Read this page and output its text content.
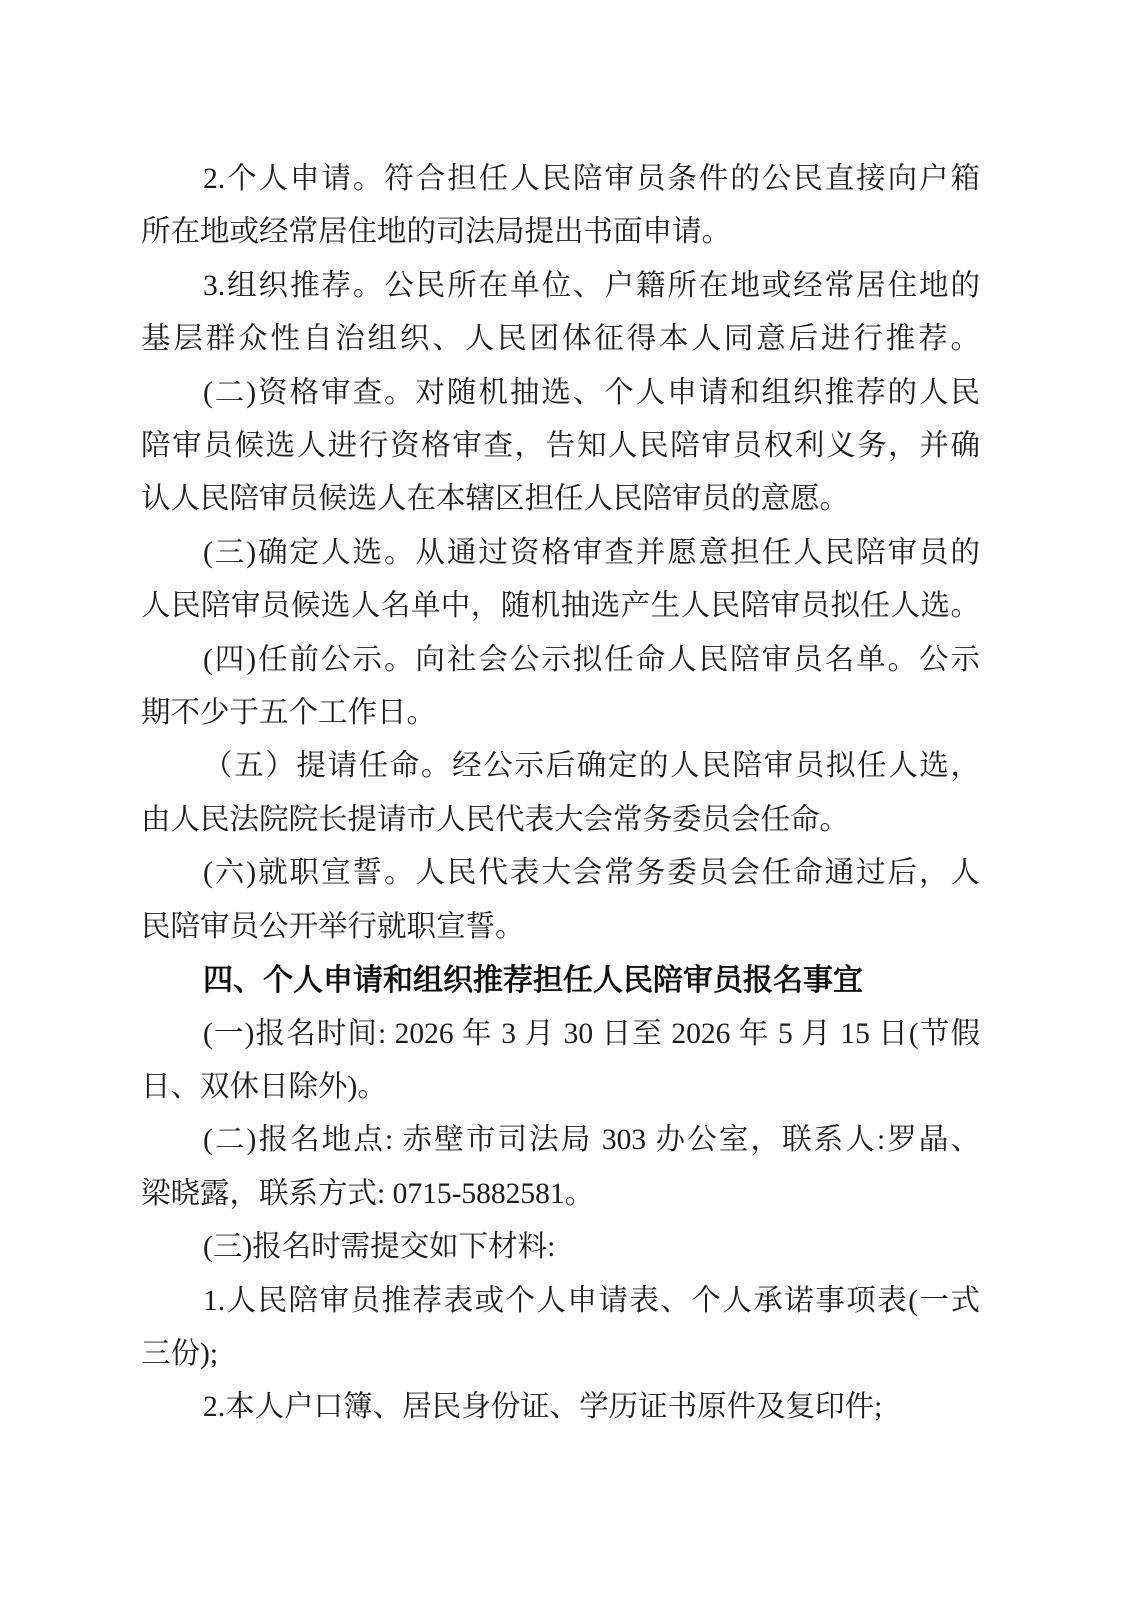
2.个人申请。符合担任人民陪审员条件的公民直接向户箱
所在地或经常居住地的司法局提出书面申请。
3.组织推荐。公民所在单位、户籍所在地或经常居住地的
基层群众性自治组织、人民团体征得本人同意后进行推荐。
(二)资格审查。对随机抽选、个人申请和组织推荐的人民
陪审员候选人进行资格审查，告知人民陪审员权利义务，并确
认人民陪审员候选人在本辖区担任人民陪审员的意愿。
(三)确定人选。从通过资格审查并愿意担任人民陪审员的
人民陪审员候选人名单中，随机抽选产生人民陪审员拟任人选。
(四)任前公示。向社会公示拟任命人民陪审员名单。公示
期不少于五个工作日。
（五）提请任命。经公示后确定的人民陪审员拟任人选，
由人民法院院长提请市人民代表大会常务委员会任命。
(六)就职宣誓。人民代表大会常务委员会任命通过后，人
民陪审员公开举行就职宣誓。
四、个人申请和组织推荐担任人民陪审员报名事宜
(一)报名时间: 2026 年 3 月 30 日至 2026 年 5 月 15 日(节假
日、双休日除外)。
(二)报名地点: 赤壁市司法局 303 办公室，联系人:罗晶、
梁晓露，联系方式: 0715-5882581。
(三)报名时需提交如下材料:
1.人民陪审员推荐表或个人申请表、个人承诺事项表(一式
三份);
2.本人户口簿、居民身份证、学历证书原件及复印件;
